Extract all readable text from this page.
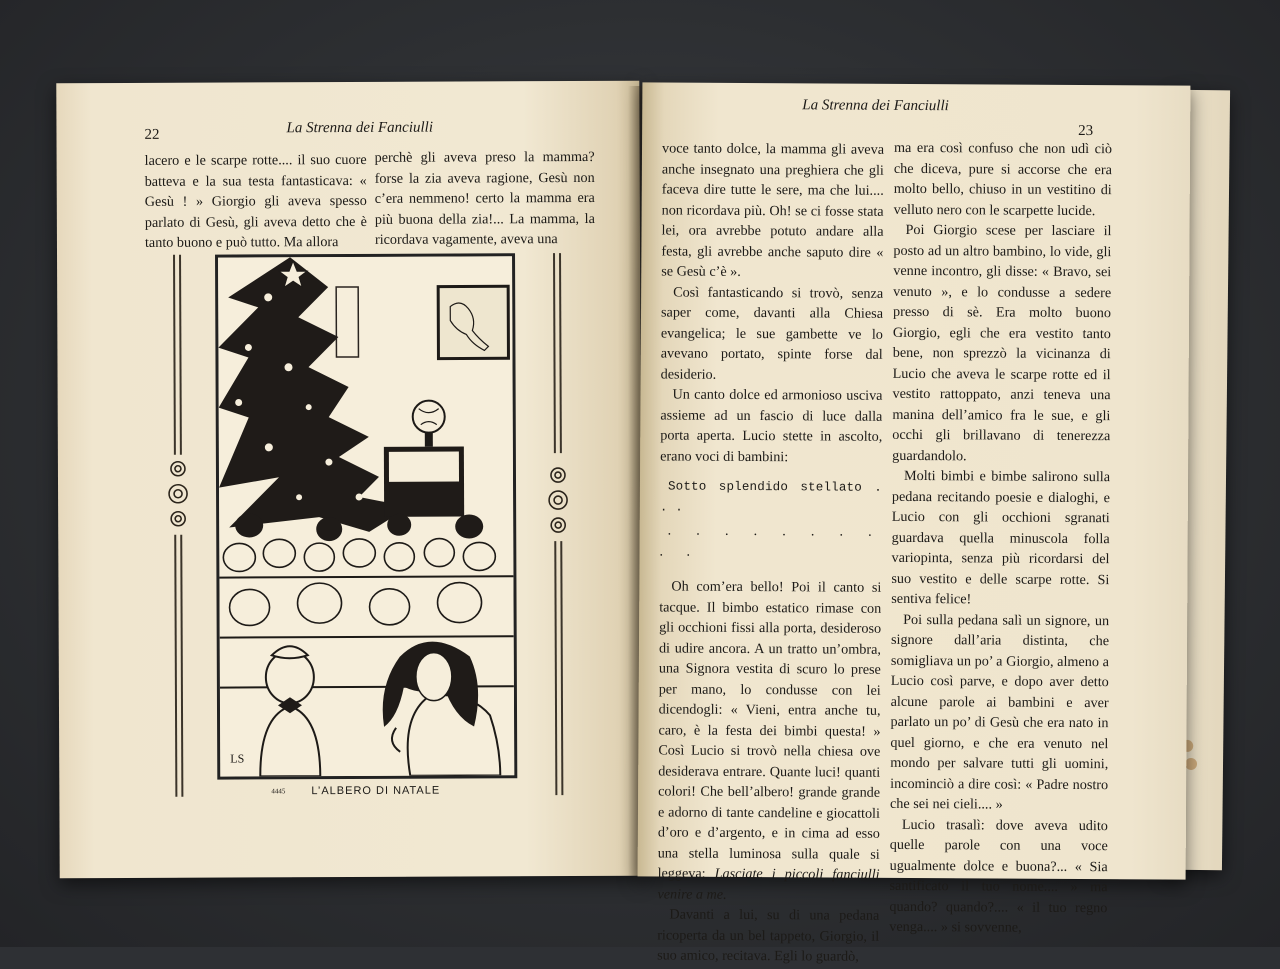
22	La Strenna dei Fanciulli

lacero e le scarpe rotte.... il suo cuore batteva e la sua testa fantasticava: « Gesù ! » Giorgio gli aveva spesso parlato di Gesù, gli aveva detto che è tanto buono e può tutto. Ma allora

perchè gli aveva preso la mamma? forse la zia aveva ragione, Gesù non c’era nemmeno! certo la mamma era più buona della zia!... La mamma, la ricordava vagamente, aveva una

LS
4445 L’ALBERO DI NATALE
La Strenna dei Fanciulli
23

voce tanto dolce, la mamma gli aveva anche insegnato una preghiera che gli faceva dire tutte le sere, ma che lui.... non ricordava più. Oh! se ci fosse stata lei, ora avrebbe potuto andare alla festa, gli avrebbe anche saputo dire « se Gesù c’è ».

Così fantasticando si trovò, senza saper come, davanti alla Chiesa evangelica; le sue gambette ve lo avevano portato, spinte forse dal desiderio.

Un canto dolce ed armonioso usciva assieme ad un fascio di luce dalla porta aperta. Lucio stette in ascolto, erano voci di bambini:

Sotto splendido stellato . . .
. . . . . . . . . .

Oh com’era bello! Poi il canto si tacque. Il bimbo estatico rimase con gli occhioni fissi alla porta, desideroso di udire ancora. A un tratto un’ombra, una Signora vestita di scuro lo prese per mano, lo condusse con lei dicendogli: « Vieni, entra anche tu, caro, è la festa dei bimbi questa! » Così Lucio si trovò nella chiesa ove desiderava entrare. Quante luci! quanti colori! Che bell’albero! grande grande e adorno di tante candeline e giocattoli d’oro e d’argento, e in cima ad esso una stella luminosa sulla quale si leggeva: Lasciate i piccoli fanciulli venire a me.

Davanti a lui, su di una pedana ricoperta da un bel tappeto, Giorgio, il suo amico, recitava. Egli lo guardò,

ma era così confuso che non udì ciò che diceva, pure si accorse che era molto bello, chiuso in un vestitino di velluto nero con le scarpette lucide.

Poi Giorgio scese per lasciare il posto ad un altro bambino, lo vide, gli venne incontro, gli disse: « Bravo, sei venuto », e lo condusse a sedere presso di sè. Era molto buono Giorgio, egli che era vestito tanto bene, non sprezzò la vicinanza di Lucio che aveva le scarpe rotte ed il vestito rattoppato, anzi teneva una manina dell’amico fra le sue, e gli occhi gli brillavano di tenerezza guardandolo.

Molti bimbi e bimbe salirono sulla pedana recitando poesie e dialoghi, e Lucio con gli occhioni sgranati guardava quella minuscola folla variopinta, senza più ricordarsi del suo vestito e delle scarpe rotte. Si sentiva felice!

Poi sulla pedana salì un signore, un signore dall’aria distinta, che somigliava un po’ a Giorgio, almeno a Lucio così parve, e dopo aver detto alcune parole ai bambini e aver parlato un po’ di Gesù che era nato in quel giorno, e che era venuto nel mondo per salvare tutti gli uomini, incominciò a dire così: « Padre nostro che sei nei cieli.... »

Lucio trasalì: dove aveva udito quelle parole con una voce ugualmente dolce e buona?... « Sia santificato il tuo nome.... » ma quando? quando?.... « il tuo regno venga.... » si sovvenne,
